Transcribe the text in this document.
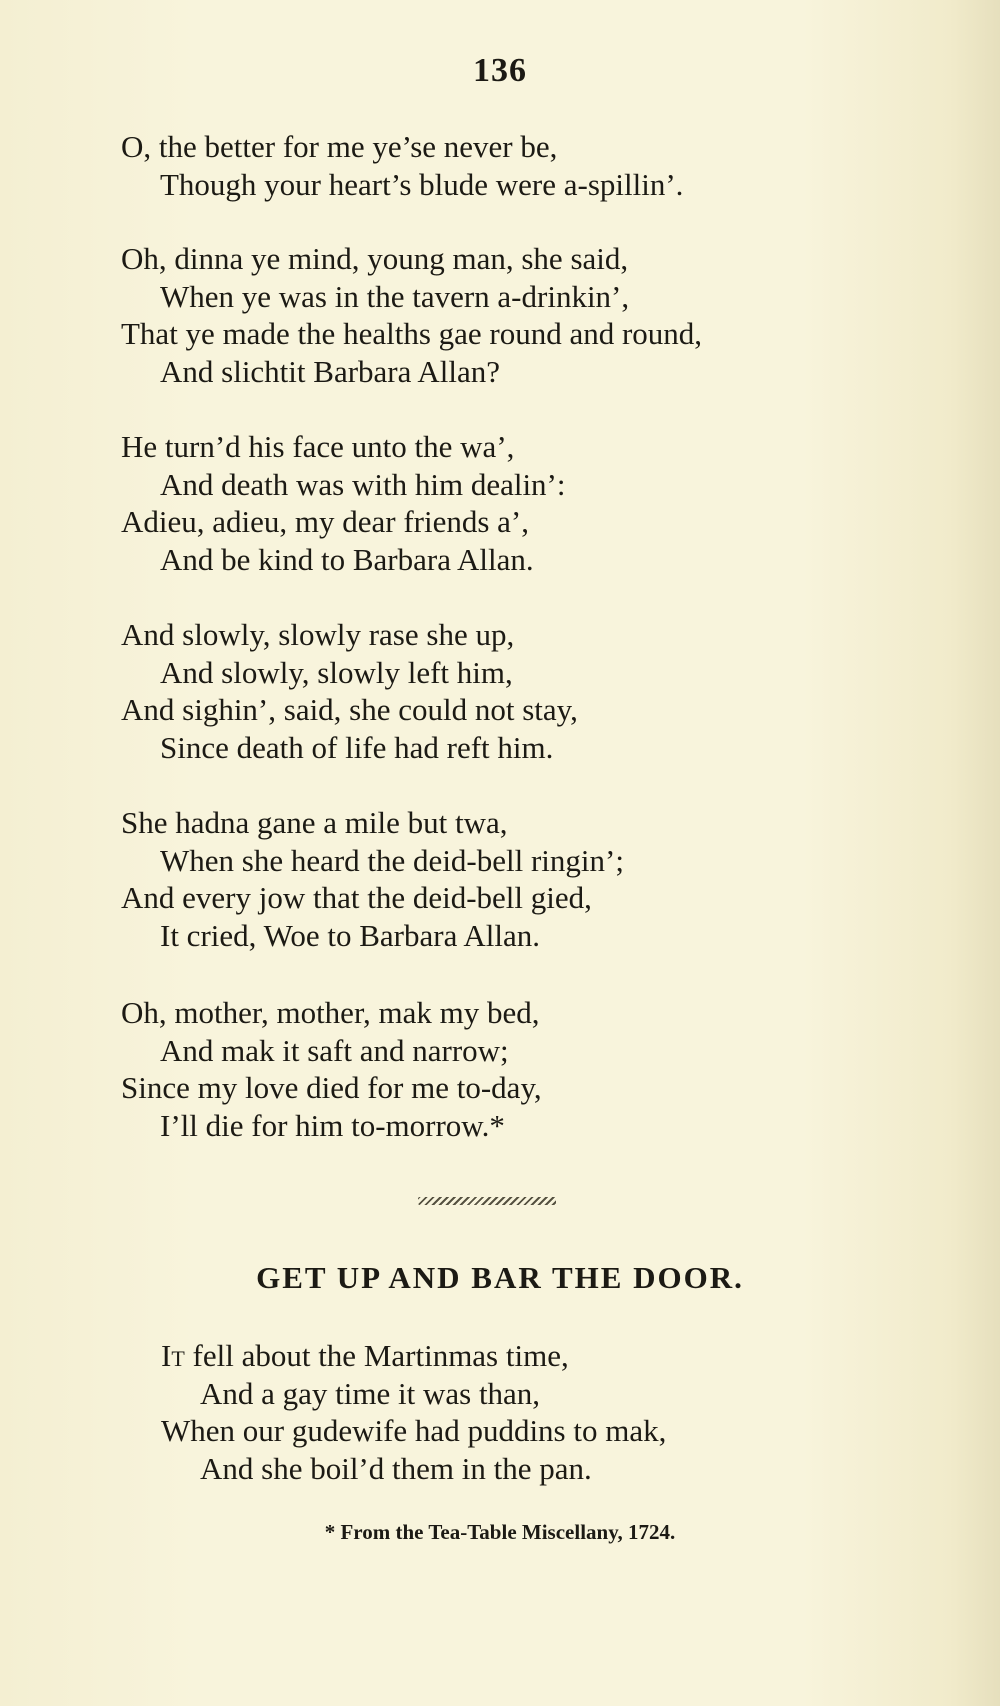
136
O, the better for me ye’se never be,
Though your heart’s blude were a-spillin’.
Oh, dinna ye mind, young man, she said,
When ye was in the tavern a-drinkin’,
That ye made the healths gae round and round,
And slichtit Barbara Allan?
He turn’d his face unto the wa’,
And death was with him dealin’:
Adieu, adieu, my dear friends a’,
And be kind to Barbara Allan.
And slowly, slowly rase she up,
And slowly, slowly left him,
And sighin’, said, she could not stay,
Since death of life had reft him.
She hadna gane a mile but twa,
When she heard the deid-bell ringin’;
And every jow that the deid-bell gied,
It cried, Woe to Barbara Allan.
Oh, mother, mother, mak my bed,
And mak it saft and narrow;
Since my love died for me to-day,
I’ll die for him to-morrow.*
GET UP AND BAR THE DOOR.
It fell about the Martinmas time,
And a gay time it was than,
When our gudewife had puddins to mak,
And she boil’d them in the pan.
* From the Tea-Table Miscellany, 1724.
